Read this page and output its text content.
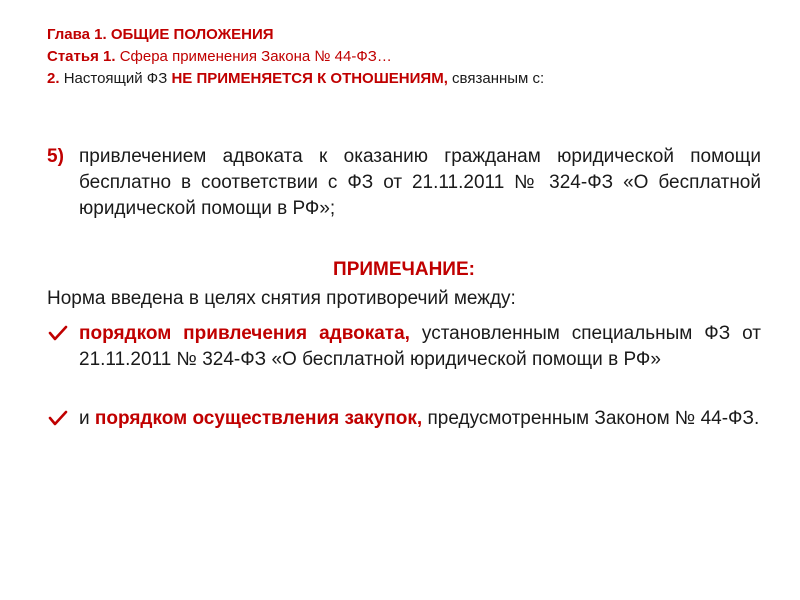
Глава 1. ОБЩИЕ ПОЛОЖЕНИЯ
Статья 1. Сфера применения Закона № 44-ФЗ…
2. Настоящий ФЗ НЕ ПРИМЕНЯЕТСЯ К ОТНОШЕНИЯМ, связанным с:
5) привлечением адвоката к оказанию гражданам юридической помощи бесплатно в соответствии с ФЗ от 21.11.2011 № 324-ФЗ «О бесплатной юридической помощи в РФ»;
ПРИМЕЧАНИЕ:
Норма введена в целях снятия противоречий между:
порядком привлечения адвоката, установленным специальным ФЗ от 21.11.2011 № 324-ФЗ «О бесплатной юридической помощи в РФ»
и порядком осуществления закупок, предусмотренным Законом № 44-ФЗ.
